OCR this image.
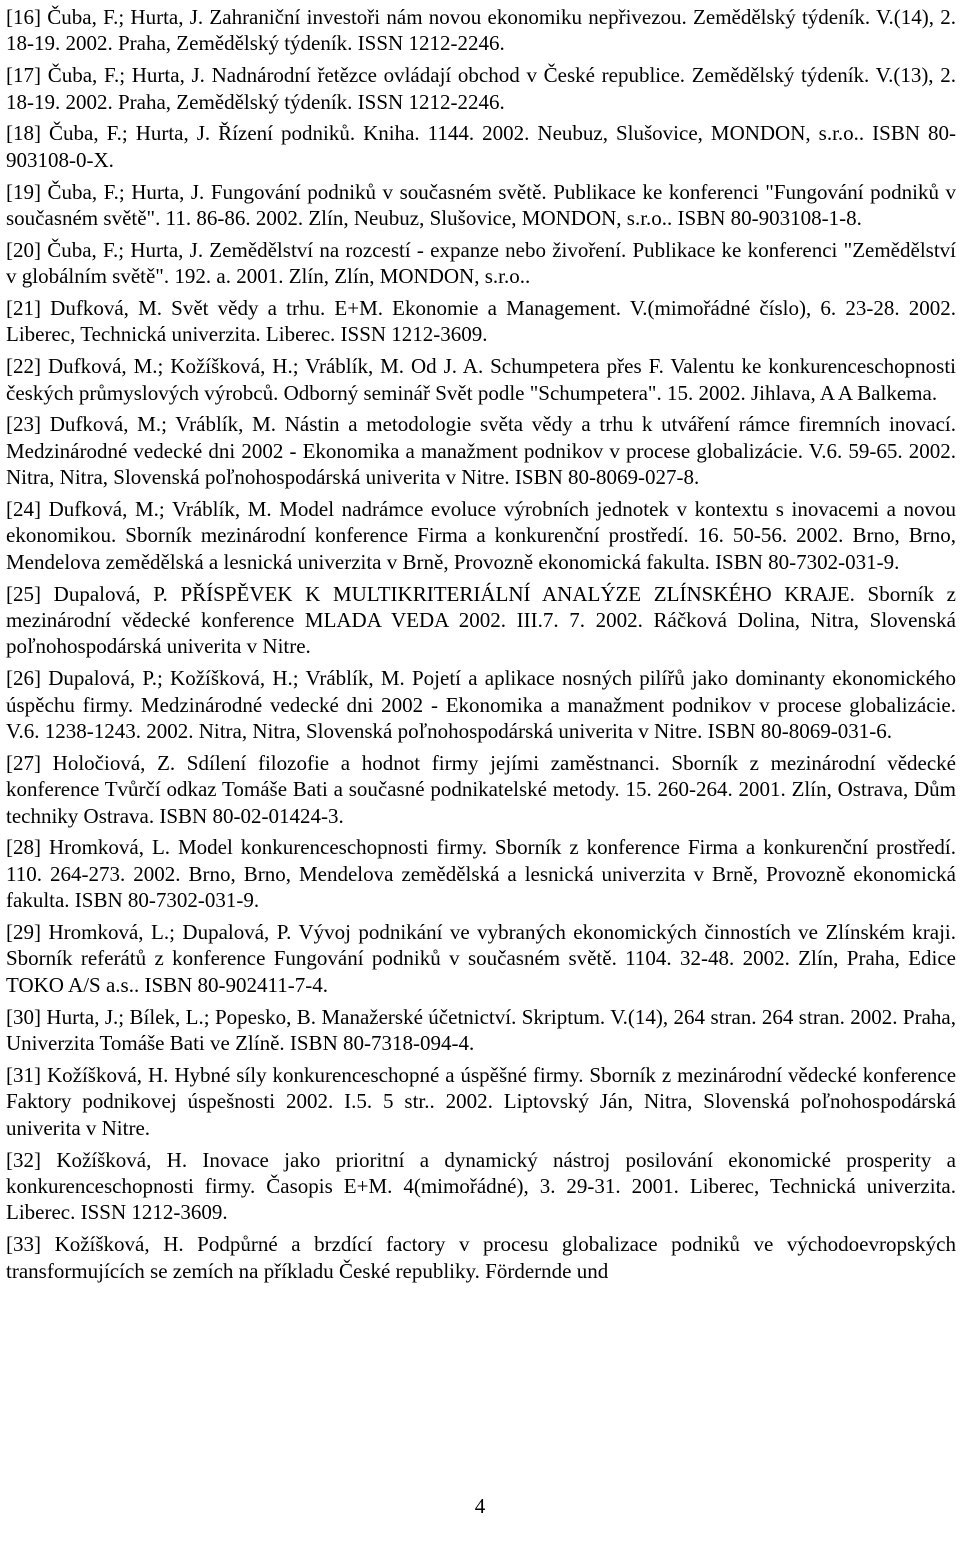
[16] Čuba, F.; Hurta, J. Zahraniční investoři nám novou ekonomiku nepřivezou. Zemědělský týdeník. V.(14), 2. 18-19. 2002. Praha, Zemědělský týdeník. ISSN 1212-2246.

[17] Čuba, F.; Hurta, J. Nadnárodní řetězce ovládají obchod v České republice. Zemědělský týdeník. V.(13), 2. 18-19. 2002. Praha, Zemědělský týdeník. ISSN 1212-2246.

[18] Čuba, F.; Hurta, J. Řízení podniků. Kniha. 1144. 2002. Neubuz, Slušovice, MONDON, s.r.o.. ISBN 80-903108-0-X.

[19] Čuba, F.; Hurta, J. Fungování podniků v současném světě. Publikace ke konferenci "Fungování podniků v současném světě". 11. 86-86. 2002. Zlín, Neubuz, Slušovice, MONDON, s.r.o.. ISBN 80-903108-1-8.

[20] Čuba, F.; Hurta, J. Zemědělství na rozcestí - expanze nebo živoření. Publikace ke konferenci "Zemědělství v globálním světě". 192. a. 2001. Zlín, Zlín, MONDON, s.r.o..

[21] Dufková, M. Svět vědy a trhu. E+M. Ekonomie a Management. V.(mimořádné číslo), 6. 23-28. 2002. Liberec, Technická univerzita. Liberec. ISSN 1212-3609.

[22] Dufková, M.; Kožíšková, H.; Vráblík, M. Od J. A. Schumpetera přes F. Valentu ke konkurenceschopnosti českých průmyslových výrobců. Odborný seminář Svět podle "Schumpetera". 15. 2002. Jihlava, A A Balkema.

[23] Dufková, M.; Vráblík, M. Nástin a metodologie světa vědy a trhu k utváření rámce firemních inovací. Medzinárodné vedecké dni 2002 - Ekonomika a manažment podnikov v procese globalizácie. V.6. 59-65. 2002. Nitra, Nitra, Slovenská poľnohospodárská univerita v Nitre. ISBN 80-8069-027-8.

[24] Dufková, M.; Vráblík, M. Model nadrámce evoluce výrobních jednotek v kontextu s inovacemi a novou ekonomikou. Sborník mezinárodní konference Firma a konkurenční prostředí. 16. 50-56. 2002. Brno, Brno, Mendelova zemědělská a lesnická univerzita v Brně, Provozně ekonomická fakulta. ISBN 80-7302-031-9.

[25] Dupalová, P. PŘÍSPĚVEK K MULTIKRITERIÁLNÍ ANALÝZE ZLÍNSKÉHO KRAJE. Sborník z mezinárodní vědecké konference MLADA VEDA 2002. III.7. 7. 2002. Ráčková Dolina, Nitra, Slovenská poľnohospodárská univerita v Nitre.

[26] Dupalová, P.; Kožíšková, H.; Vráblík, M. Pojetí a aplikace nosných pilířů jako dominanty ekonomického úspěchu firmy. Medzinárodné vedecké dni 2002 - Ekonomika a manažment podnikov v procese globalizácie. V.6. 1238-1243. 2002. Nitra, Nitra, Slovenská poľnohospodárská univerita v Nitre. ISBN 80-8069-031-6.

[27] Holočiová, Z. Sdílení filozofie a hodnot firmy jejími zaměstnanci. Sborník z mezinárodní vědecké konference Tvůrčí odkaz Tomáše Bati a současné podnikatelské metody. 15. 260-264. 2001. Zlín, Ostrava, Dům techniky Ostrava. ISBN 80-02-01424-3.

[28] Hromková, L. Model konkurenceschopnosti firmy. Sborník z konference Firma a konkurenční prostředí. 110. 264-273. 2002. Brno, Brno, Mendelova zemědělská a lesnická univerzita v Brně, Provozně ekonomická fakulta. ISBN 80-7302-031-9.

[29] Hromková, L.; Dupalová, P. Vývoj podnikání ve vybraných ekonomických činnostích ve Zlínském kraji. Sborník referátů z konference Fungování podniků v současném světě. 1104. 32-48. 2002. Zlín, Praha, Edice TOKO A/S a.s.. ISBN 80-902411-7-4.

[30] Hurta, J.; Bílek, L.; Popesko, B. Manažerské účetnictví. Skriptum. V.(14), 264 stran. 264 stran. 2002. Praha, Univerzita Tomáše Bati ve Zlíně. ISBN 80-7318-094-4.

[31] Kožíšková, H. Hybné síly konkurenceschopné a úspěšné firmy. Sborník z mezinárodní vědecké konference Faktory podnikovej úspešnosti 2002. I.5. 5 str.. 2002. Liptovský Ján, Nitra, Slovenská poľnohospodárská univerita v Nitre.

[32] Kožíšková, H. Inovace jako prioritní a dynamický nástroj posilování ekonomické prosperity a konkurenceschopnosti firmy. Časopis E+M. 4(mimořádné), 3. 29-31. 2001. Liberec, Technická univerzita. Liberec. ISSN 1212-3609.

[33] Kožíšková, H. Podpůrné a brzdící factory v procesu globalizace podniků ve východoevropských transformujících se zemích na příkladu České republiky. Fördernde und

4
